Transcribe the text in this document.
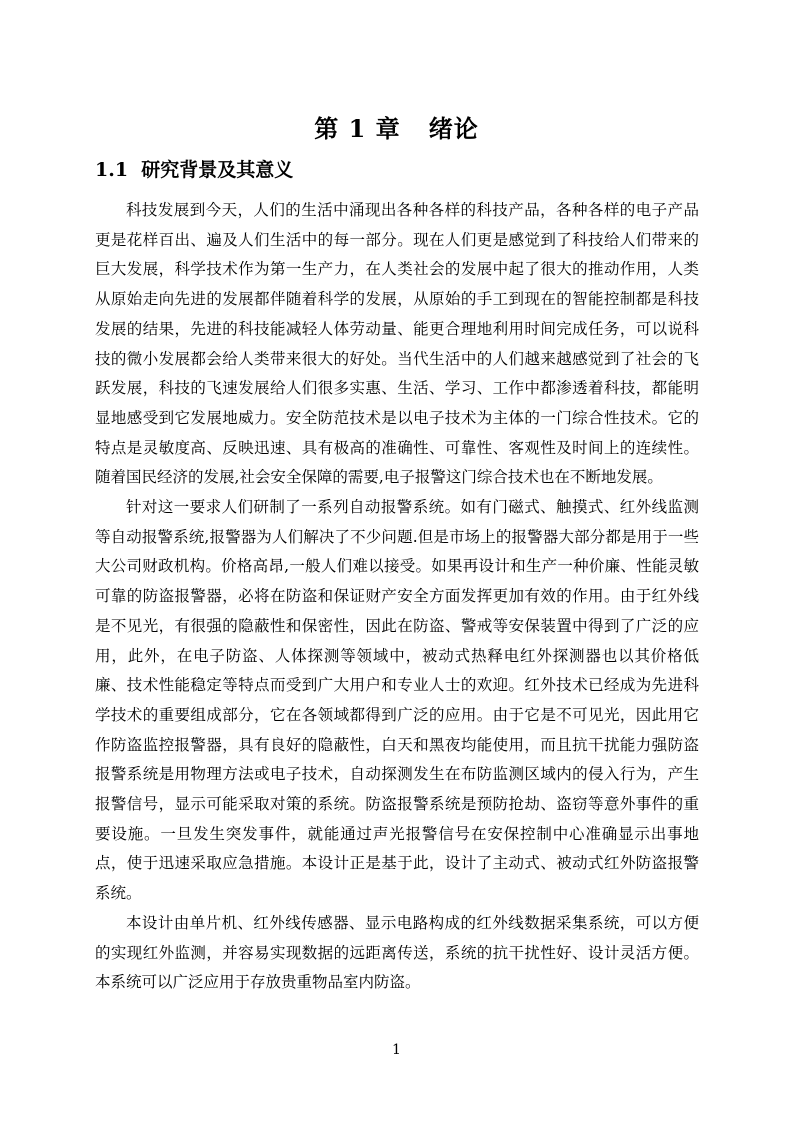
第 1 章   绪论
1.1  研究背景及其意义

科技发展到今天，人们的生活中涌现出各种各样的科技产品，各种各样的电子产品更是花样百出、遍及人们生活中的每一部分。现在人们更是感觉到了科技给人们带来的巨大发展，科学技术作为第一生产力，在人类社会的发展中起了很大的推动作用，人类从原始走向先进的发展都伴随着科学的发展，从原始的手工到现在的智能控制都是科技发展的结果，先进的科技能减轻人体劳动量、能更合理地利用时间完成任务，可以说科技的微小发展都会给人类带来很大的好处。当代生活中的人们越来越感觉到了社会的飞跃发展，科技的飞速发展给人们很多实惠、生活、学习、工作中都渗透着科技，都能明显地感受到它发展地威力。安全防范技术是以电子技术为主体的一门综合性技术。它的特点是灵敏度高、反映迅速、具有极高的准确性、可靠性、客观性及时间上的连续性。随着国民经济的发展,社会安全保障的需要,电子报警这门综合技术也在不断地发展。

针对这一要求人们研制了一系列自动报警系统。如有门磁式、触摸式、红外线监测等自动报警系统,报警器为人们解决了不少问题.但是市场上的报警器大部分都是用于一些大公司财政机构。价格高昂,一般人们难以接受。如果再设计和生产一种价廉、性能灵敏可靠的防盗报警器，必将在防盗和保证财产安全方面发挥更加有效的作用。由于红外线是不见光，有很强的隐蔽性和保密性，因此在防盗、警戒等安保装置中得到了广泛的应用，此外，在电子防盗、人体探测等领域中，被动式热释电红外探测器也以其价格低廉、技术性能稳定等特点而受到广大用户和专业人士的欢迎。红外技术已经成为先进科学技术的重要组成部分，它在各领域都得到广泛的应用。由于它是不可见光，因此用它作防盗监控报警器，具有良好的隐蔽性，白天和黑夜均能使用，而且抗干扰能力强防盗报警系统是用物理方法或电子技术，自动探测发生在布防监测区域内的侵入行为，产生报警信号，显示可能采取对策的系统。防盗报警系统是预防抢劫、盗窃等意外事件的重要设施。一旦发生突发事件，就能通过声光报警信号在安保控制中心准确显示出事地点，使于迅速采取应急措施。本设计正是基于此，设计了主动式、被动式红外防盗报警系统。

本设计由单片机、红外线传感器、显示电路构成的红外线数据采集系统，可以方便的实现红外监测，并容易实现数据的远距离传送，系统的抗干扰性好、设计灵活方便。本系统可以广泛应用于存放贵重物品室内防盗。

1
